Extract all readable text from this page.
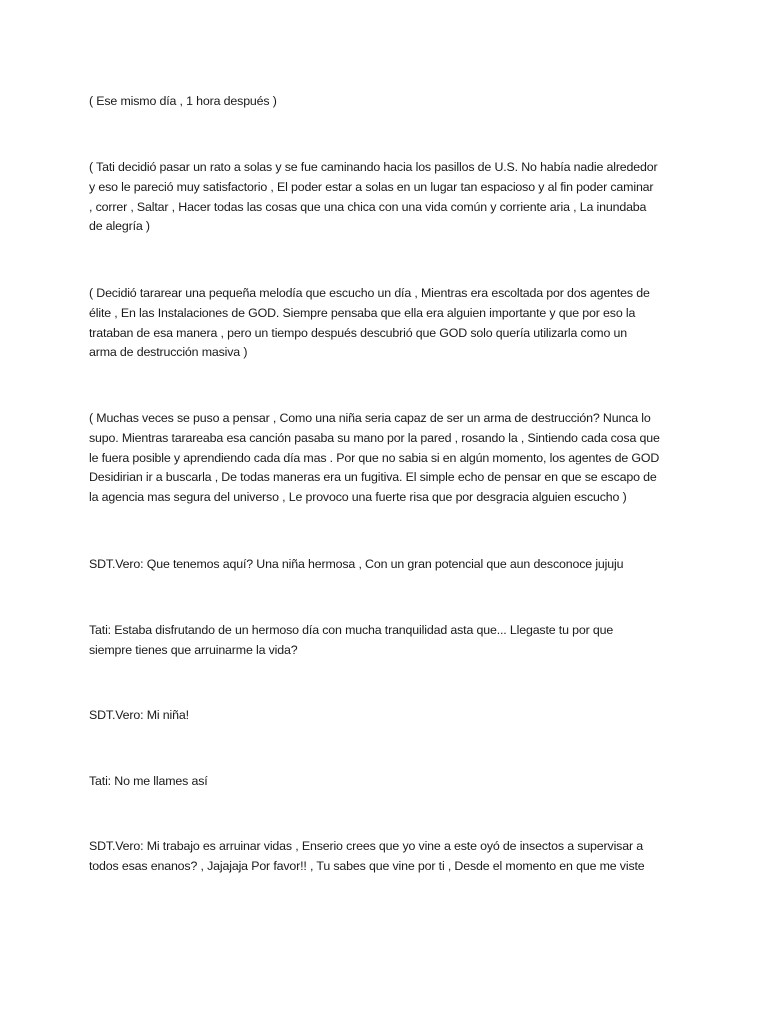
( Ese mismo día , 1 hora después )
( Tati decidió pasar un rato a solas y se fue caminando hacia los pasillos de U.S. No había nadie alrededor
y eso le pareció muy satisfactorio , El poder estar a solas en un lugar tan espacioso y al fin poder caminar
, correr , Saltar , Hacer todas las cosas que una chica con una vida común y corriente aria , La inundaba
de alegría )
( Decidió tararear una pequeña melodía que escucho un día , Mientras era escoltada por dos agentes de
élite , En las Instalaciones de GOD. Siempre pensaba que ella era alguien importante y que por eso la
trataban de esa manera , pero un tiempo después descubrió que GOD solo quería utilizarla como un
arma de destrucción masiva )
( Muchas veces se puso a pensar , Como una niña seria capaz de ser un arma de destrucción? Nunca lo
supo. Mientras tarareaba esa canción pasaba su mano por la pared , rosando la , Sintiendo cada cosa que
le fuera posible y aprendiendo cada día mas . Por que no sabia si en algún momento, los agentes de GOD
Desidirian ir a buscarla , De todas maneras era un fugitiva. El simple echo de pensar en que se escapo de
la agencia mas segura del universo , Le provoco una fuerte risa que por desgracia alguien escucho )
SDT.Vero: Que tenemos aquí? Una niña hermosa , Con un gran potencial que aun desconoce jujuju
Tati: Estaba disfrutando de un hermoso día con mucha tranquilidad asta que... Llegaste tu por que
siempre tienes que arruinarme la vida?
SDT.Vero: Mi niña!
Tati: No me llames así
SDT.Vero: Mi trabajo es arruinar vidas , Enserio crees que yo vine a este oyó de insectos a supervisar a
todos esas enanos? , Jajajaja Por favor!! , Tu sabes que vine por ti , Desde el momento en que me viste
